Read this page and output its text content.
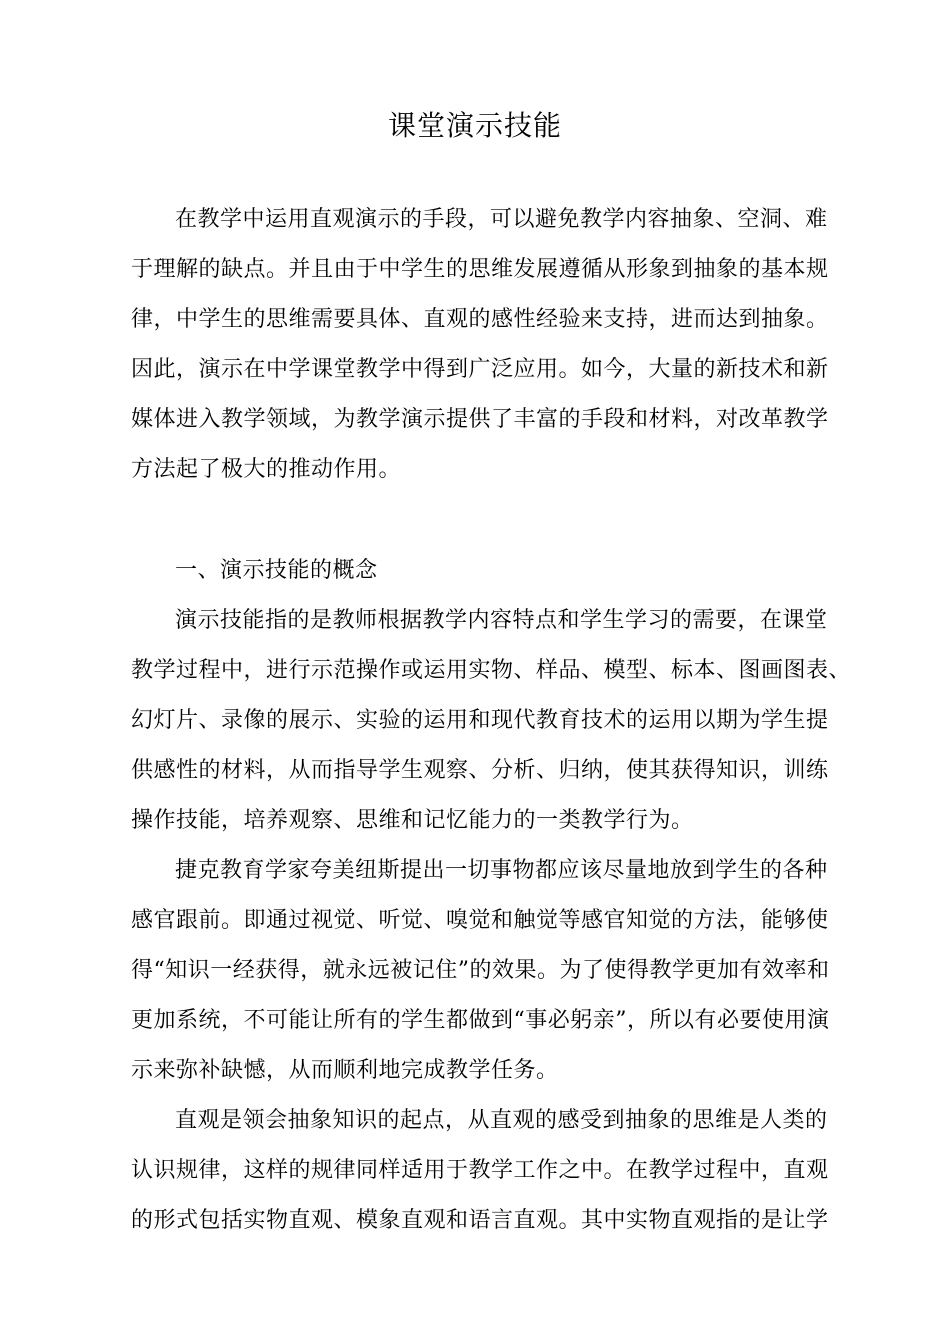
课堂演示技能
在教学中运用直观演示的手段，可以避免教学内容抽象、空洞、难
于理解的缺点。并且由于中学生的思维发展遵循从形象到抽象的基本规
律，中学生的思维需要具体、直观的感性经验来支持，进而达到抽象。
因此，演示在中学课堂教学中得到广泛应用。如今，大量的新技术和新
媒体进入教学领域，为教学演示提供了丰富的手段和材料，对改革教学
方法起了极大的推动作用。
一、演示技能的概念
演示技能指的是教师根据教学内容特点和学生学习的需要，在课堂
教学过程中，进行示范操作或运用实物、样品、模型、标本、图画图表、
幻灯片、录像的展示、实验的运用和现代教育技术的运用以期为学生提
供感性的材料，从而指导学生观察、分析、归纳，使其获得知识，训练
操作技能，培养观察、思维和记忆能力的一类教学行为。
捷克教育学家夸美纽斯提出一切事物都应该尽量地放到学生的各种
感官跟前。即通过视觉、听觉、嗅觉和触觉等感官知觉的方法，能够使
得“知识一经获得，就永远被记住”的效果。为了使得教学更加有效率和
更加系统，不可能让所有的学生都做到“事必躬亲”，所以有必要使用演
示来弥补缺憾，从而顺利地完成教学任务。
直观是领会抽象知识的起点，从直观的感受到抽象的思维是人类的
认识规律，这样的规律同样适用于教学工作之中。在教学过程中，直观
的形式包括实物直观、模象直观和语言直观。其中实物直观指的是让学
